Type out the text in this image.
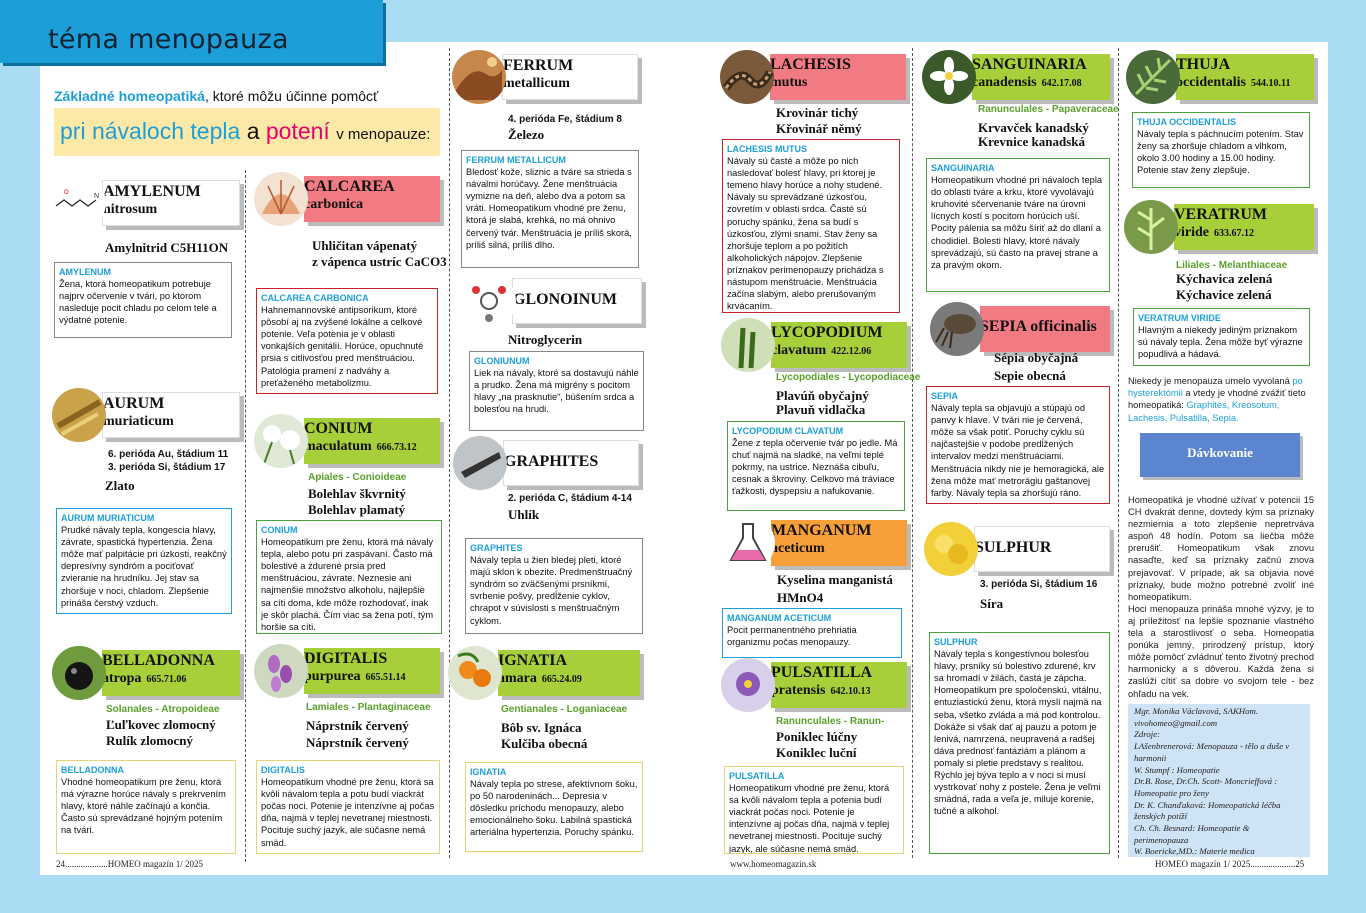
téma menopauza
Základné homeopatiká, ktoré môžu účinne pomôcť
pri návaloch tepla a potení v menopauze:
AMYLENUM
nitrosum
N
O
Amylnitrid C5H11ON
AMYLENUM
Žena, ktorá homeopatikum potrebuje najprv očervenie v tvári, po ktorom nasleduje pocit chladu po celom tele a výdatné potenie.
CALCAREA
carbonica
Uhličitan vápenatý
z vápenca ustríc CaCO3
CALCAREA CARBONICA
Hahnemannovské antipsorikum, ktoré pôsobí aj na zvýšené lokálne a celkové potenie. Veľa potenia je v oblasti vonkajších genitálií. Horúce, opuchnuté prsia s citlivosťou pred menštruáciou. Patológia pramení z nadváhy a preťaženého metabolizmu.
AURUM
muriaticum
6. perióda Au, štádium 11
3. perióda Si, štádium 17
Zlato
AURUM MURIATICUM
Prudké návaly tepla, kongescia hlavy, závrate, spastická hypertenzia. Žena môže mať palpitácie pri úzkosti, reakčný depresívny syndróm a pociťovať zvieranie na hrudníku. Jej stav sa zhoršuje v noci, chladom. Zlepšenie prináša čerstvý vzduch.
CONIUM
maculatum 666.73.12
Apiales - Conioideae
Bolehlav škvrnitý
Bolehlav plamatý
CONIUM
Homeopatikum pre ženu, ktorá má návaly tepla, alebo potu pri zaspávaní. Často má bolestivé a zdurené prsia pred menštruáciou, závrate. Neznesie ani najmenšie množstvo alkoholu, najlepšie sa cíti doma, kde môže rozhodovať, inak je skôr plachá. Čím viac sa žena potí, tým horšie sa cíti.
BELLADONNA
atropa 665.71.06
Solanales - Atropoideae
Ľuľkovec zlomocný
Rulík zlomocný
BELLADONNA
Vhodné homeopatikum pre ženu, ktorá má výrazne horúce návaly s prekrvením hlavy, ktoré náhle začínajú a končia. Často sú sprevádzané hojným potením na tvári.
DIGITALIS
purpurea 665.51.14
Lamiales - Plantaginaceae
Náprstník červený
Náprstník červený
DIGITALIS
Homeopatikum vhodné pre ženu, ktorá sa kvôli návalom tepla a potu budí viackrát počas noci. Potenie je intenzívne aj počas dňa, najmä v teplej nevetranej miestnosti. Pocituje suchý jazyk, ale súčasne nemá smäd.
FERRUM
metallicum
4. perióda Fe, štádium 8
Železo
FERRUM METALLICUM
Bledosť kože, sliznic a tváre sa strieda s návalmi horúčavy. Žene menštruácia vymizne na deň, alebo dva a potom sa vráti. Homeopatikum vhodné pre ženu, ktorá je slabá, krehká, no má ohnivo červený tvár. Menštruácia je príliš skorá, príliš silná, príliš dlho.
GLONOINUM
Nitroglycerin
GLONIUNUM
Liek na návaly, ktoré sa dostavujú náhle a prudko. Žena má migrény s pocitom hlavy „na prasknutie“, búšením srdca a bolesťou na hrudi.
GRAPHITES
2. perióda C, štádium 4-14
Uhlík
GRAPHITES
Návaly tepla u žien bledej pleti, ktoré majú sklon k obezite. Predmenštruačný syndróm so zväčšenými prsníkmi, svrbenie pošvy, predĺženie cyklov, chrapot v súvislosti s menštruačným cyklom.
IGNATIA
amara 665.24.09
Gentianales - Loganiaceae
Bôb sv. Ignáca
Kulčiba obecná
IGNATIA
Návaly tepla po strese, afektívnom šoku, po 50 narodeninách... Depresia v dôsledku príchodu menopauzy, alebo emocionálneho šoku. Labilná spastická arteriálna hypertenzia. Poruchy spánku.
LACHESIS
mutus
Krovinár tichý
Křovinář němý
LACHESIS MUTUS
Návaly sú časté a môže po nich nasledovať bolesť hlavy, pri ktorej je temeno hlavy horúce a nohy studené. Návaly su sprevádzané úzkosťou, zovretím v oblasti srdca. Časté sú poruchy spánku, žena sa budí s úzkosťou, zlými snami. Stav ženy sa zhoršuje teplom a po požitích alkoholických nápojov. Zlepšenie príznakov perimenopauzy prichádza s nástupom menštruácie. Menštruácia začína slabým, alebo prerušovaným krvácaním.
LYCOPODIUM
clavatum 422.12.06
Lycopodiales - Lycopodiaceae
Plavúň obyčajný
Plavuň vidlačka
LYCOPODIUM CLAVATUM
Žene z tepla očervenie tvár po jedle. Má chuť najmä na sladké, na veľmi teplé pokrmy, na ustrice. Neznáša cibuľu, cesnak a škroviny. Celkovo má tráviace ťažkosti, dyspepsiu a nafukovanie.
MANGANUM
aceticum
Kyselina manganistá
HMnO4
MANGANUM ACETICUM
Pocit permanentného prehriatia organizmu počas menopauzy.
PULSATILLA
pratensis 642.10.13
Ranunculales - Ranun-
Poniklec lúčny
Koniklec luční
PULSATILLA
Homeopatikum vhodné pre ženu, ktorá sa kvôli návalom tepla a potenia budí viackrát počas noci. Potenie je intenzívne aj počas dňa, najmä v teplej nevetranej miestnosti. Pocituje suchý jazyk, ale súčasne nemá smäd.
SANGUINARIA
canadensis 642.17.08
Ranunculales - Papaveraceae
Krvavček kanadský
Krevnice kanadská
SANGUINARIA
Homeopatikum vhodné pri návaloch tepla do oblasti tváre a krku, ktoré vyvolávajú kruhovité sčervenanie tváre na úrovni lícnych kostí s pocitom horúcich uší. Pocity pálenia sa môžu šíriť až do dlaní a chodidiel. Bolesti hlavy, ktoré návaly sprevádzajú, sú často na pravej strane a za pravým okom.
SEPIA officinalis
Sépia obyčajná
Sepie obecná
SEPIA
Návaly tepla sa objavujú a stúpajú od panvy k hlave. V tvári nie je červená, môže sa však potiť. Poruchy cyklu sú najčastejšie v podobe predĺžených intervalov medzi menštruáciami. Menštruácia nikdy nie je hemoragická, ale žena môže mať metrorágiu gaštanovej farby. Návaly tepla sa zhoršujú ráno.
SULPHUR
3. perióda Si, štádium 16
Síra
SULPHUR
Návaly tepla s kongestívnou bolesťou hlavy, prsníky sú bolestivo zdurené, krv sa hromadí v žilách, častá je zápcha. Homeopatikum pre spoločenskú, vitálnu, entuziastickú ženu, ktorá myslí najmä na seba, všetko zvláda a má pod kontrolou. Dokáže si však dať aj pauzu a potom je lenivá, namrzená, neupravená a radšej dáva prednosť fantáziám a plánom a pomaly si pletie predstavy s realitou. Rýchlo jej býva teplo a v noci si musí vystrkovať nohy z postele. Žena je veľmi smädná, rada a veľa je, miluje korenie, tučné a alkohol.
THUJA
occidentalis 544.10.11
THUJA OCCIDENTALIS
Návaly tepla s páchnucím potením. Stav ženy sa zhoršuje chladom a vlhkom, okolo 3.00 hodiny a 15.00 hodiny. Potenie stav ženy zlepšuje.
VERATRUM
viride 633.67.12
Liliales - Melanthiaceae
Kýchavica zelená
Kýchavice zelená
VERATRUM VIRIDE
Hlavným a niekedy jediným príznakom sú návaly tepla. Žena môže byť výrazne popudlivá a hádavá.
Niekedy je menopauza umelo vyvolaná po hysterektómii a vtedy je vhodné zvážiť tieto homeopatiká: Graphites, Kreosotum, Lachesis, Pulsatilla, Sepia.
Dávkovanie
Homeopatiká je vhodné užívať v potencii 15 CH dvakrát denne, dovtedy kým sa príznaky nezmiernia a toto zlepšenie nepretrváva aspoň 48 hodín. Potom sa liečba môže prerušiť. Homeopatikum však znovu nasaďte, keď sa príznaky začnú znova prejavovať. V prípade, ak sa objavia nové príznaky, bude možno potrebné zvoliť iné homeopatikum.
Hoci menopauza prináša mnohé výzvy, je to aj príležitosť na lepšie spoznanie vlastného tela a starostlivosť o seba. Homeopatia ponúka jemný, prirodzený prístup, ktorý môže pomôcť zvládnuť tento životný prechod harmonicky a s dôverou. Každá žena si zaslúži cítiť sa dobre vo svojom tele - bez ohľadu na vek.
Mgr. Monika Václavová, SAKHom.
vivohomeo@gmail.com
Zdroje:
LAšenbrenerová: Menopauza - tělo a duše v harmonii
W. Stumpf : Homeopatie
Dr.B. Rose, Dr.Ch. Scott- Moncrieffová : Homeopatie pro ženy
Dr. K. Chanďaková: Homeopatická léčba ženských potíží
Ch. Ch. Besnard: Homeopatie & perimenopauza
W. Boericke,MD.: Materie medica
24...................HOMEO magazín 1/ 2025	www.homeomagazin.sk	HOMEO magazín 1/ 2025....................25
